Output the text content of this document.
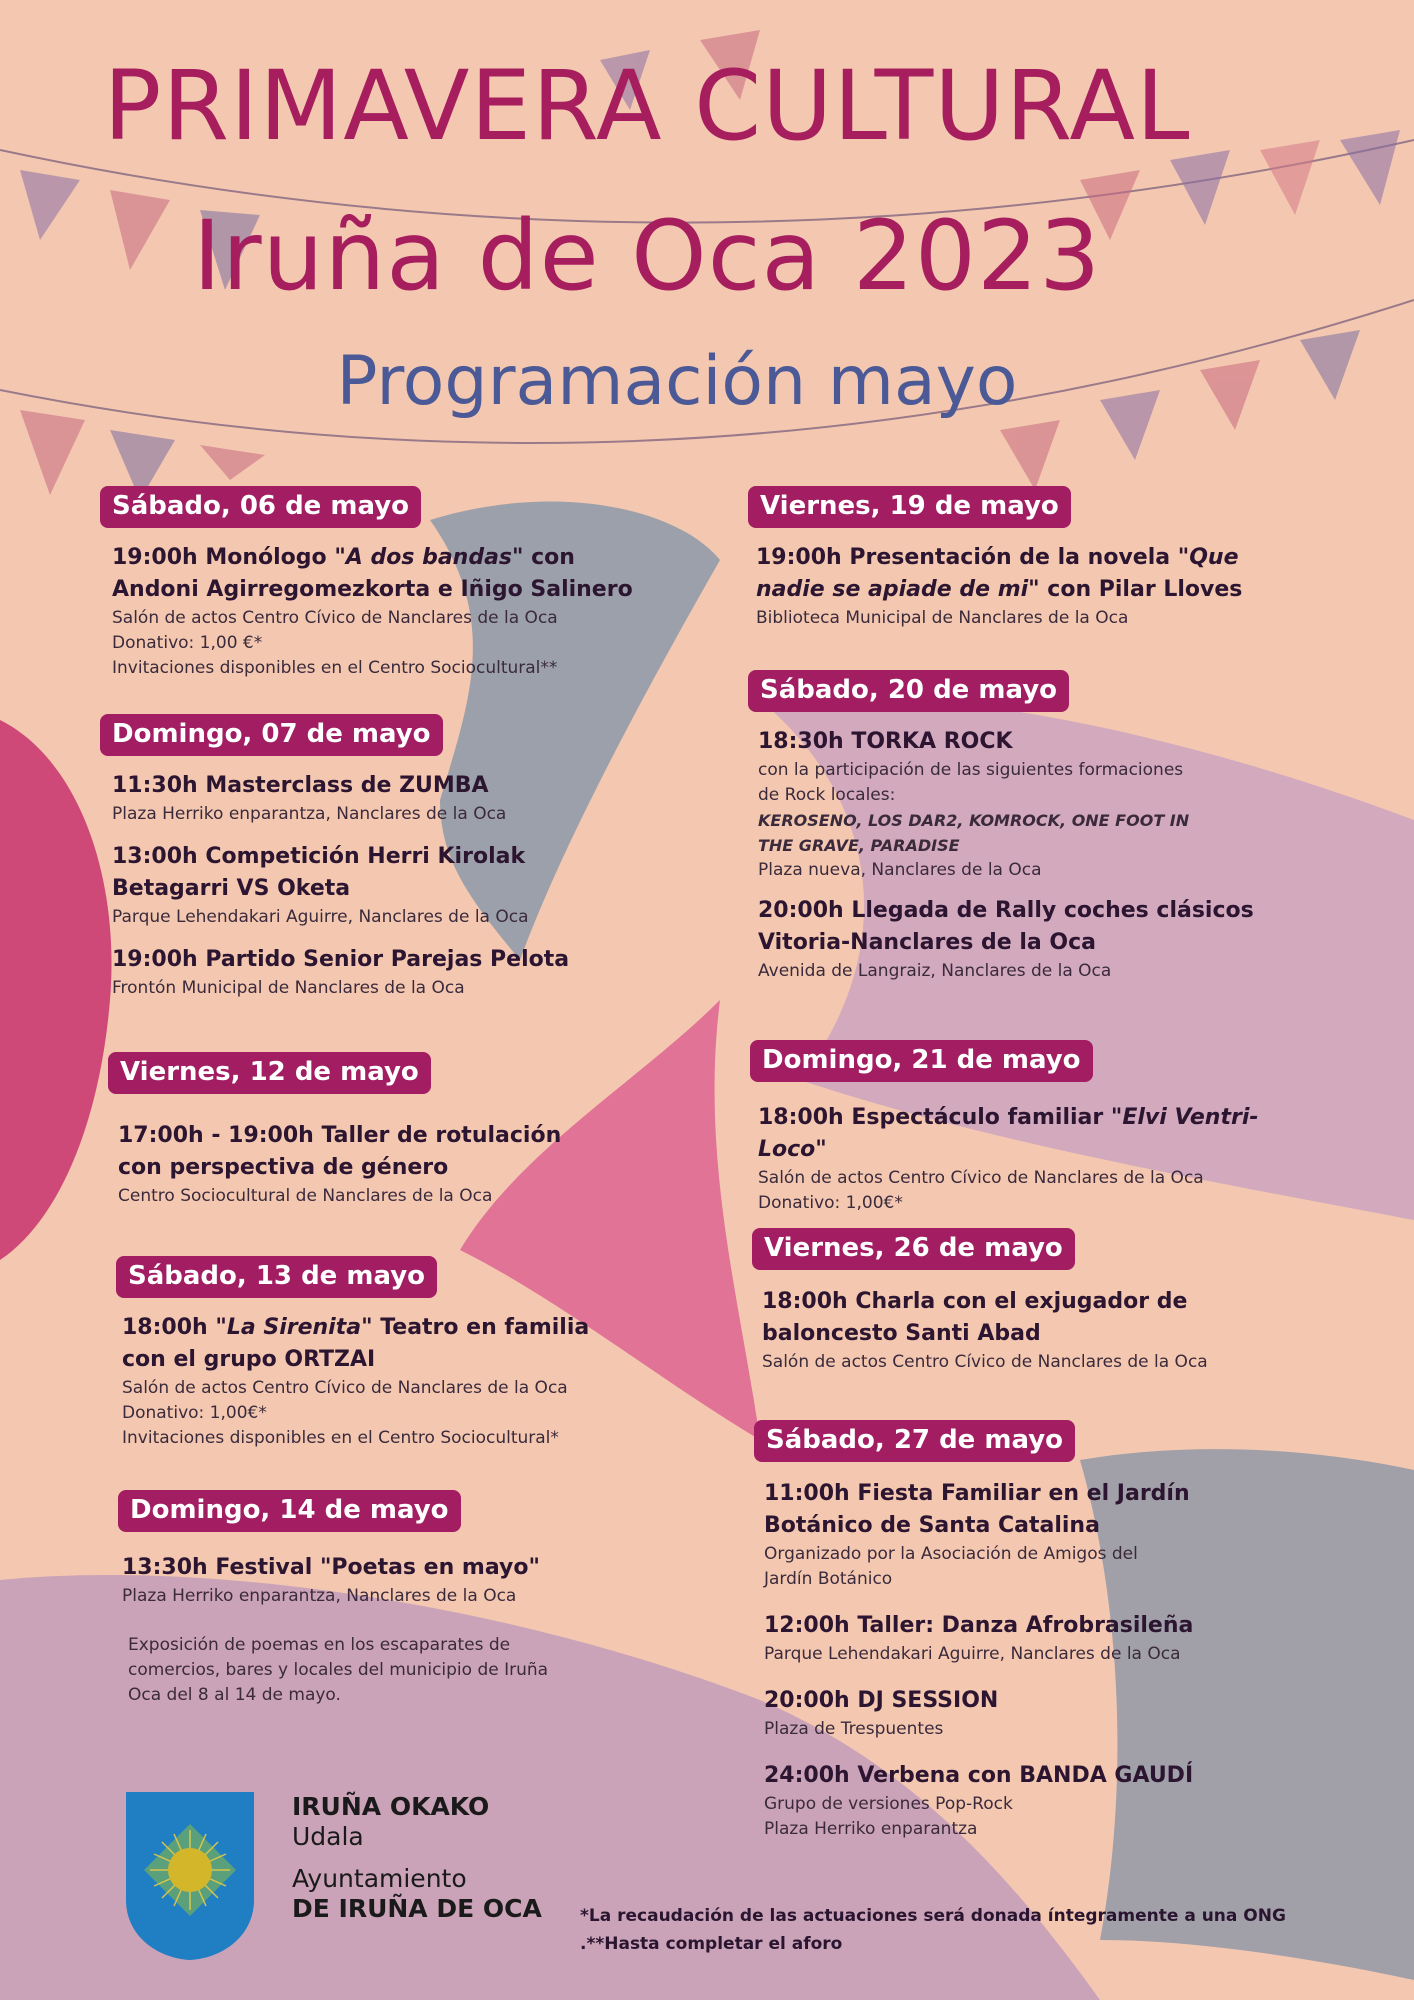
PRIMAVERA CULTURAL
Iruña de Oca 2023
Programación mayo
Sábado, 06 de mayo
19:00h Monólogo "A dos bandas" con Andoni Agirregomezkorta e Iñigo Salinero
Salón de actos Centro Cívico de Nanclares de la Oca
Donativo: 1,00 €*
Invitaciones disponibles en el Centro Sociocultural**
Domingo, 07 de mayo
11:30h Masterclass de ZUMBA
Plaza Herriko enparantza, Nanclares de la Oca
13:00h Competición Herri Kirolak Betagarri VS Oketa
Parque Lehendakari Aguirre, Nanclares de la Oca
19:00h Partido Senior Parejas Pelota
Frontón Municipal de Nanclares de la Oca
Viernes, 12 de mayo
17:00h - 19:00h Taller de rotulación con perspectiva de género
Centro Sociocultural de Nanclares de la Oca
Sábado, 13 de mayo
18:00h "La Sirenita" Teatro en familia con el grupo ORTZAI
Salón de actos Centro Cívico de Nanclares de la Oca
Donativo: 1,00€*
Invitaciones disponibles en el Centro Sociocultural*
Domingo, 14 de mayo
13:30h Festival "Poetas en mayo"
Plaza Herriko enparantza, Nanclares de la Oca
Exposición de poemas en los escaparates de
comercios, bares y locales del municipio de Iruña
Oca del 8 al 14 de mayo.
Viernes, 19 de mayo
19:00h Presentación de la novela "Que nadie se apiade de mi" con Pilar Lloves
Biblioteca Municipal de Nanclares de la Oca
Sábado, 20 de mayo
18:30h TORKA ROCK
con la participación de las siguientes formaciones
de Rock locales:
KEROSENO, LOS DAR2, KOMROCK, ONE FOOT IN
THE GRAVE, PARADISE
Plaza nueva, Nanclares de la Oca
20:00h Llegada de Rally coches clásicos Vitoria-Nanclares de la Oca
Avenida de Langraiz, Nanclares de la Oca
Domingo, 21 de mayo
18:00h Espectáculo familiar "Elvi Ventri-Loco"
Salón de actos Centro Cívico de Nanclares de la Oca
Donativo: 1,00€*
Viernes, 26 de mayo
18:00h Charla con el exjugador de baloncesto Santi Abad
Salón de actos Centro Cívico de Nanclares de la Oca
Sábado, 27 de mayo
11:00h Fiesta Familiar en el Jardín Botánico de Santa Catalina
Organizado por la Asociación de Amigos del
Jardín Botánico
12:00h Taller: Danza Afrobrasileña
Parque Lehendakari Aguirre, Nanclares de la Oca
20:00h DJ SESSION
Plaza de Trespuentes
24:00h Verbena con BANDA GAUDÍ
Grupo de versiones Pop-Rock
Plaza Herriko enparantza
IRUÑA OKAKO
Udala
Ayuntamiento
DE IRUÑA DE OCA *La recaudación de las actuaciones será donada íntegramente a una ONG
.**Hasta completar el aforo
